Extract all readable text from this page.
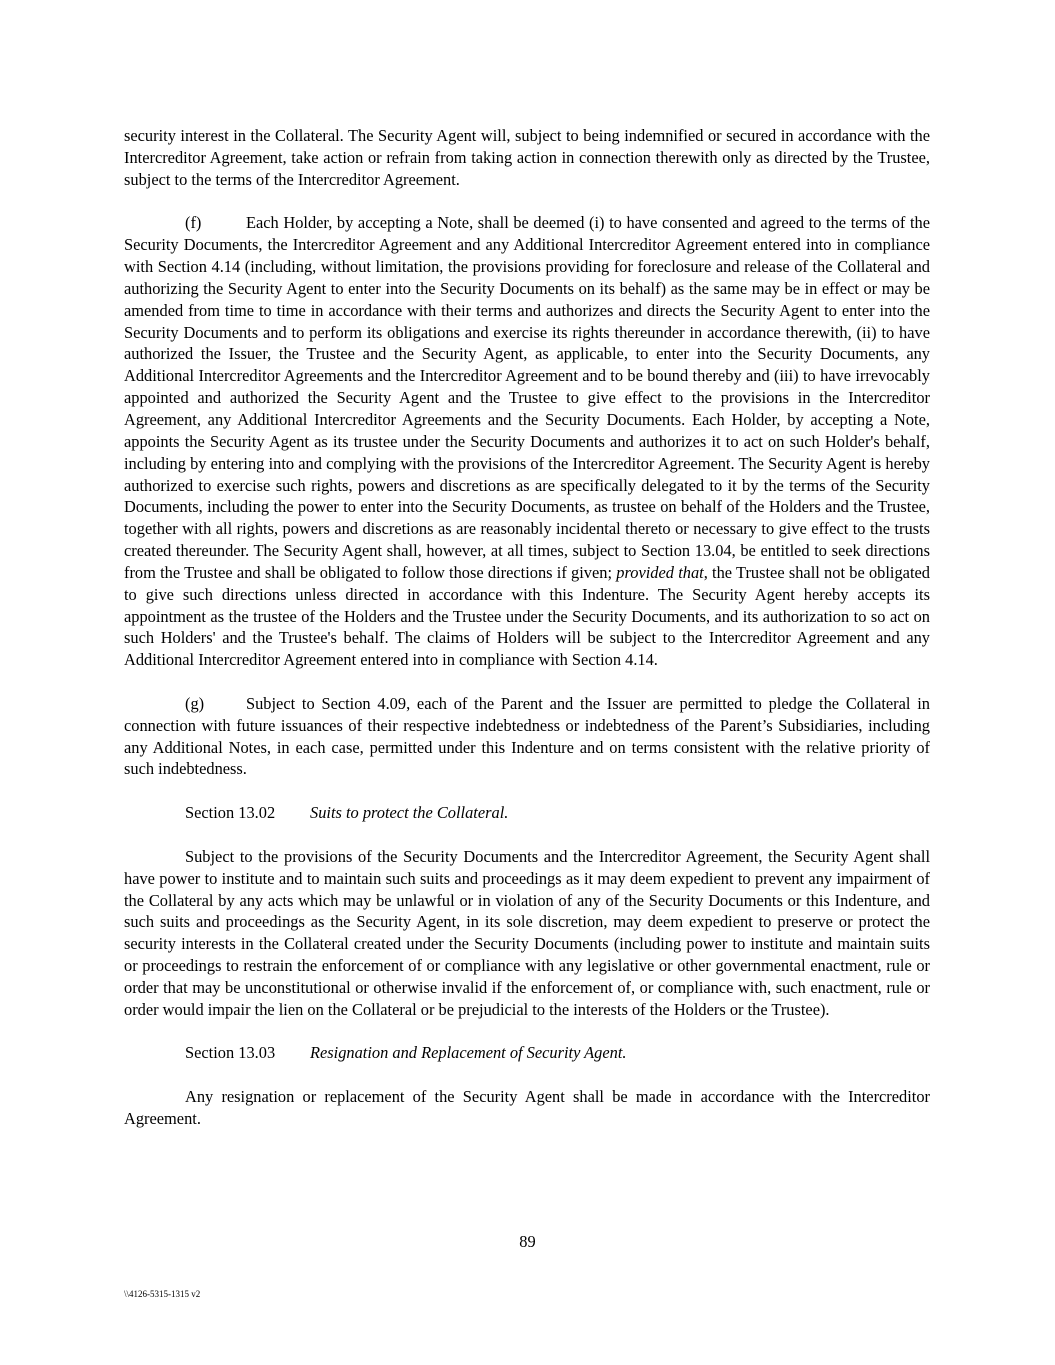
security interest in the Collateral. The Security Agent will, subject to being indemnified or secured in accordance with the Intercreditor Agreement, take action or refrain from taking action in connection therewith only as directed by the Trustee, subject to the terms of the Intercreditor Agreement.

(f)	Each Holder, by accepting a Note, shall be deemed (i) to have consented and agreed to the terms of the Security Documents, the Intercreditor Agreement and any Additional Intercreditor Agreement entered into in compliance with Section 4.14 (including, without limitation, the provisions providing for foreclosure and release of the Collateral and authorizing the Security Agent to enter into the Security Documents on its behalf) as the same may be in effect or may be amended from time to time in accordance with their terms and authorizes and directs the Security Agent to enter into the Security Documents and to perform its obligations and exercise its rights thereunder in accordance therewith, (ii) to have authorized the Issuer, the Trustee and the Security Agent, as applicable, to enter into the Security Documents, any Additional Intercreditor Agreements and the Intercreditor Agreement and to be bound thereby and (iii) to have irrevocably appointed and authorized the Security Agent and the Trustee to give effect to the provisions in the Intercreditor Agreement, any Additional Intercreditor Agreements and the Security Documents. Each Holder, by accepting a Note, appoints the Security Agent as its trustee under the Security Documents and authorizes it to act on such Holder's behalf, including by entering into and complying with the provisions of the Intercreditor Agreement. The Security Agent is hereby authorized to exercise such rights, powers and discretions as are specifically delegated to it by the terms of the Security Documents, including the power to enter into the Security Documents, as trustee on behalf of the Holders and the Trustee, together with all rights, powers and discretions as are reasonably incidental thereto or necessary to give effect to the trusts created thereunder. The Security Agent shall, however, at all times, subject to Section 13.04, be entitled to seek directions from the Trustee and shall be obligated to follow those directions if given; provided that, the Trustee shall not be obligated to give such directions unless directed in accordance with this Indenture. The Security Agent hereby accepts its appointment as the trustee of the Holders and the Trustee under the Security Documents, and its authorization to so act on such Holders' and the Trustee's behalf. The claims of Holders will be subject to the Intercreditor Agreement and any Additional Intercreditor Agreement entered into in compliance with Section 4.14.

(g)	Subject to Section 4.09, each of the Parent and the Issuer are permitted to pledge the Collateral in connection with future issuances of their respective indebtedness or indebtedness of the Parent’s Subsidiaries, including any Additional Notes, in each case, permitted under this Indenture and on terms consistent with the relative priority of such indebtedness.

Section 13.02 Suits to protect the Collateral.

Subject to the provisions of the Security Documents and the Intercreditor Agreement, the Security Agent shall have power to institute and to maintain such suits and proceedings as it may deem expedient to prevent any impairment of the Collateral by any acts which may be unlawful or in violation of any of the Security Documents or this Indenture, and such suits and proceedings as the Security Agent, in its sole discretion, may deem expedient to preserve or protect the security interests in the Collateral created under the Security Documents (including power to institute and maintain suits or proceedings to restrain the enforcement of or compliance with any legislative or other governmental enactment, rule or order that may be unconstitutional or otherwise invalid if the enforcement of, or compliance with, such enactment, rule or order would impair the lien on the Collateral or be prejudicial to the interests of the Holders or the Trustee).

Section 13.03 Resignation and Replacement of Security Agent.

Any resignation or replacement of the Security Agent shall be made in accordance with the Intercreditor Agreement.

89
\\4126-5315-1315 v2
